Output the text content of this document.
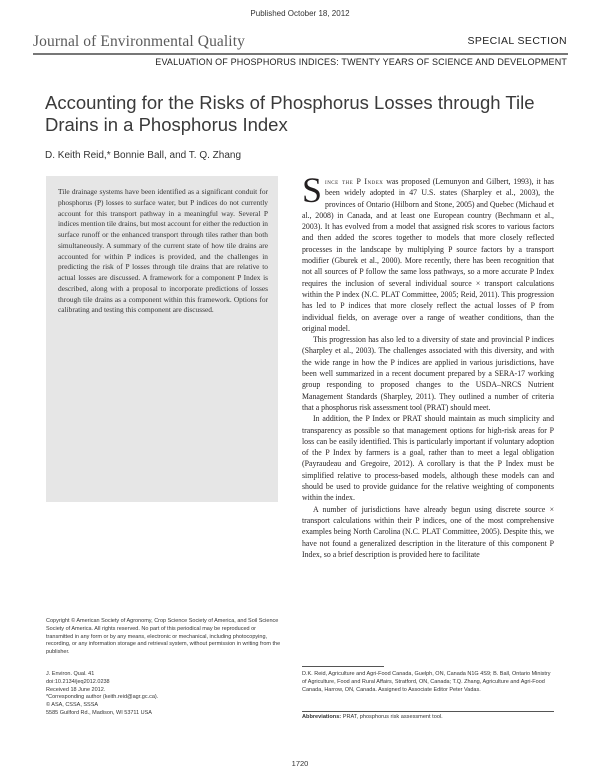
Published October 18, 2012
Journal of Environmental Quality	SPECIAL SECTION
EVALUATION OF PHOSPHORUS INDICES: TWENTY YEARS OF SCIENCE AND DEVELOPMENT
Accounting for the Risks of Phosphorus Losses through Tile Drains in a Phosphorus Index
D. Keith Reid,* Bonnie Ball, and T. Q. Zhang

Tile drainage systems have been identified as a significant conduit for phosphorus (P) losses to surface water, but P indices do not currently account for this transport pathway in a meaningful way. Several P indices mention tile drains, but most account for either the reduction in surface runoff or the enhanced transport through tiles rather than both simultaneously. A summary of the current state of how tile drains are accounted for within P indices is provided, and the challenges in predicting the risk of P losses through tile drains that are relative to actual losses are discussed. A framework for a component P Index is described, along with a proposal to incorporate predictions of losses through tile drains as a component within this framework. Options for calibrating and testing this component are discussed.

Since the P Index was proposed (Lemunyon and Gilbert, 1993), it has been widely adopted in 47 U.S. states (Sharpley et al., 2003), the provinces of Ontario (Hilborn and Stone, 2005) and Quebec (Michaud et al., 2008) in Canada, and at least one European country (Bechmann et al., 2003). It has evolved from a model that assigned risk scores to various factors and then added the scores together to models that more closely reflected processes in the landscape by multiplying P source factors by a transport modifier (Gburek et al., 2000). More recently, there has been recognition that not all sources of P follow the same loss pathways, so a more accurate P Index requires the inclusion of several individual source × transport calculations within the P index (N.C. PLAT Committee, 2005; Reid, 2011). This progression has led to P indices that more closely reflect the actual losses of P from individual fields, on average over a range of weather conditions, than the original model.

This progression has also led to a diversity of state and provincial P indices (Sharpley et al., 2003). The challenges associated with this diversity, and with the wide range in how the P indices are applied in various jurisdictions, have been well summarized in a recent document prepared by a SERA-17 working group responding to proposed changes to the USDA–NRCS Nutrient Management Standards (Sharpley, 2011). They outlined a number of criteria that a phosphorus risk assessment tool (PRAT) should meet.

In addition, the P Index or PRAT should maintain as much simplicity and transparency as possible so that management options for high-risk areas for P loss can be easily identified. This is particularly important if voluntary adoption of the P Index by farmers is a goal, rather than to meet a legal obligation (Payraudeau and Gregoire, 2012). A corollary is that the P Index must be simplified relative to process-based models, although these models can and should be used to provide guidance for the relative weighting of components within the index.

A number of jurisdictions have already begun using discrete source × transport calculations within their P indices, one of the most comprehensive examples being North Carolina (N.C. PLAT Committee, 2005). Despite this, we have not found a generalized description in the literature of this component P Index, so a brief description is provided here to facilitate

Copyright © American Society of Agronomy, Crop Science Society of America, and Soil Science Society of America. All rights reserved. No part of this periodical may be reproduced or transmitted in any form or by any means, electronic or mechanical, including photocopying, recording, or any information storage and retrieval system, without permission in writing from the publisher.

J. Environ. Qual. 41
doi:10.2134/jeq2012.0238
Received 18 June 2012.
*Corresponding author (keith.reid@agr.gc.ca).
© ASA, CSSA, SSSA
5585 Guilford Rd., Madison, WI 53711 USA

D.K. Reid, Agriculture and Agri-Food Canada, Guelph, ON, Canada N1G 4S9; B. Ball, Ontario Ministry of Agriculture, Food and Rural Affairs, Stratford, ON, Canada; T.Q. Zhang, Agriculture and Agri-Food Canada, Harrow, ON, Canada. Assigned to Associate Editor Peter Vadas.

Abbreviations: PRAT, phosphorus risk assessment tool.
1720
